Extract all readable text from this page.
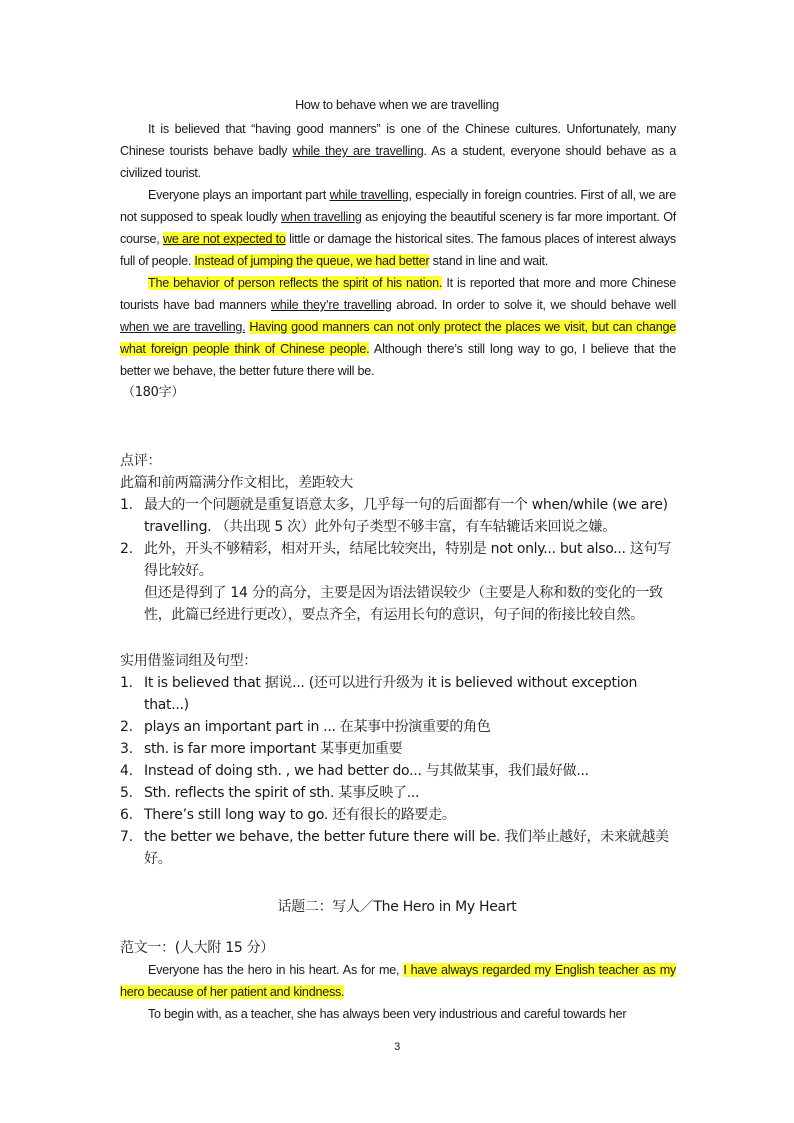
How to behave when we are travelling

It is believed that “having good manners” is one of the Chinese cultures. Unfortunately, many Chinese tourists behave badly while they are travelling. As a student, everyone should behave as a civilized tourist.

Everyone plays an important part while travelling, especially in foreign countries. First of all, we are not supposed to speak loudly when travelling as enjoying the beautiful scenery is far more important. Of course, we are not expected to little or damage the historical sites. The famous places of interest always full of people. Instead of jumping the queue, we had better stand in line and wait.

The behavior of person reflects the spirit of his nation. It is reported that more and more Chinese tourists have bad manners while they’re travelling abroad. In order to solve it, we should behave well when we are travelling. Having good manners can not only protect the places we visit, but can change what foreign people think of Chinese people. Although there’s still long way to go, I believe that the better we behave, the better future there will be.

（180字）

点评：

此篇和前两篇满分作文相比，差距较大

1. 最大的一个问题就是重复语意太多，几乎每一句的后面都有一个 when/while (we are) travelling. （共出现 5 次）此外句子类型不够丰富，有车轱辘话来回说之嫌。
2. 此外，开头不够精彩，相对开头，结尾比较突出，特别是 not only... but also... 这句写得比较好。
但还是得到了 14 分的高分，主要是因为语法错误较少（主要是人称和数的变化的一致性，此篇已经进行更改），要点齐全，有运用长句的意识，句子间的衔接比较自然。

实用借鉴词组及句型：

1. It is believed that 据说... (还可以进行升级为 it is believed without exception that...)
2. plays an important part in ... 在某事中扮演重要的角色
3. sth. is far more important 某事更加重要
4. Instead of doing sth. , we had better do... 与其做某事，我们最好做...
5. Sth. reflects the spirit of sth. 某事反映了...
6. There’s still long way to go. 还有很长的路要走。
7. the better we behave, the better future there will be. 我们举止越好，未来就越美好。
话题二：写人／The Hero in My Heart

范文一：(人大附 15 分）

Everyone has the hero in his heart. As for me, I have always regarded my English teacher as my hero because of her patient and kindness.

To begin with, as a teacher, she has always been very industrious and careful towards her

3
